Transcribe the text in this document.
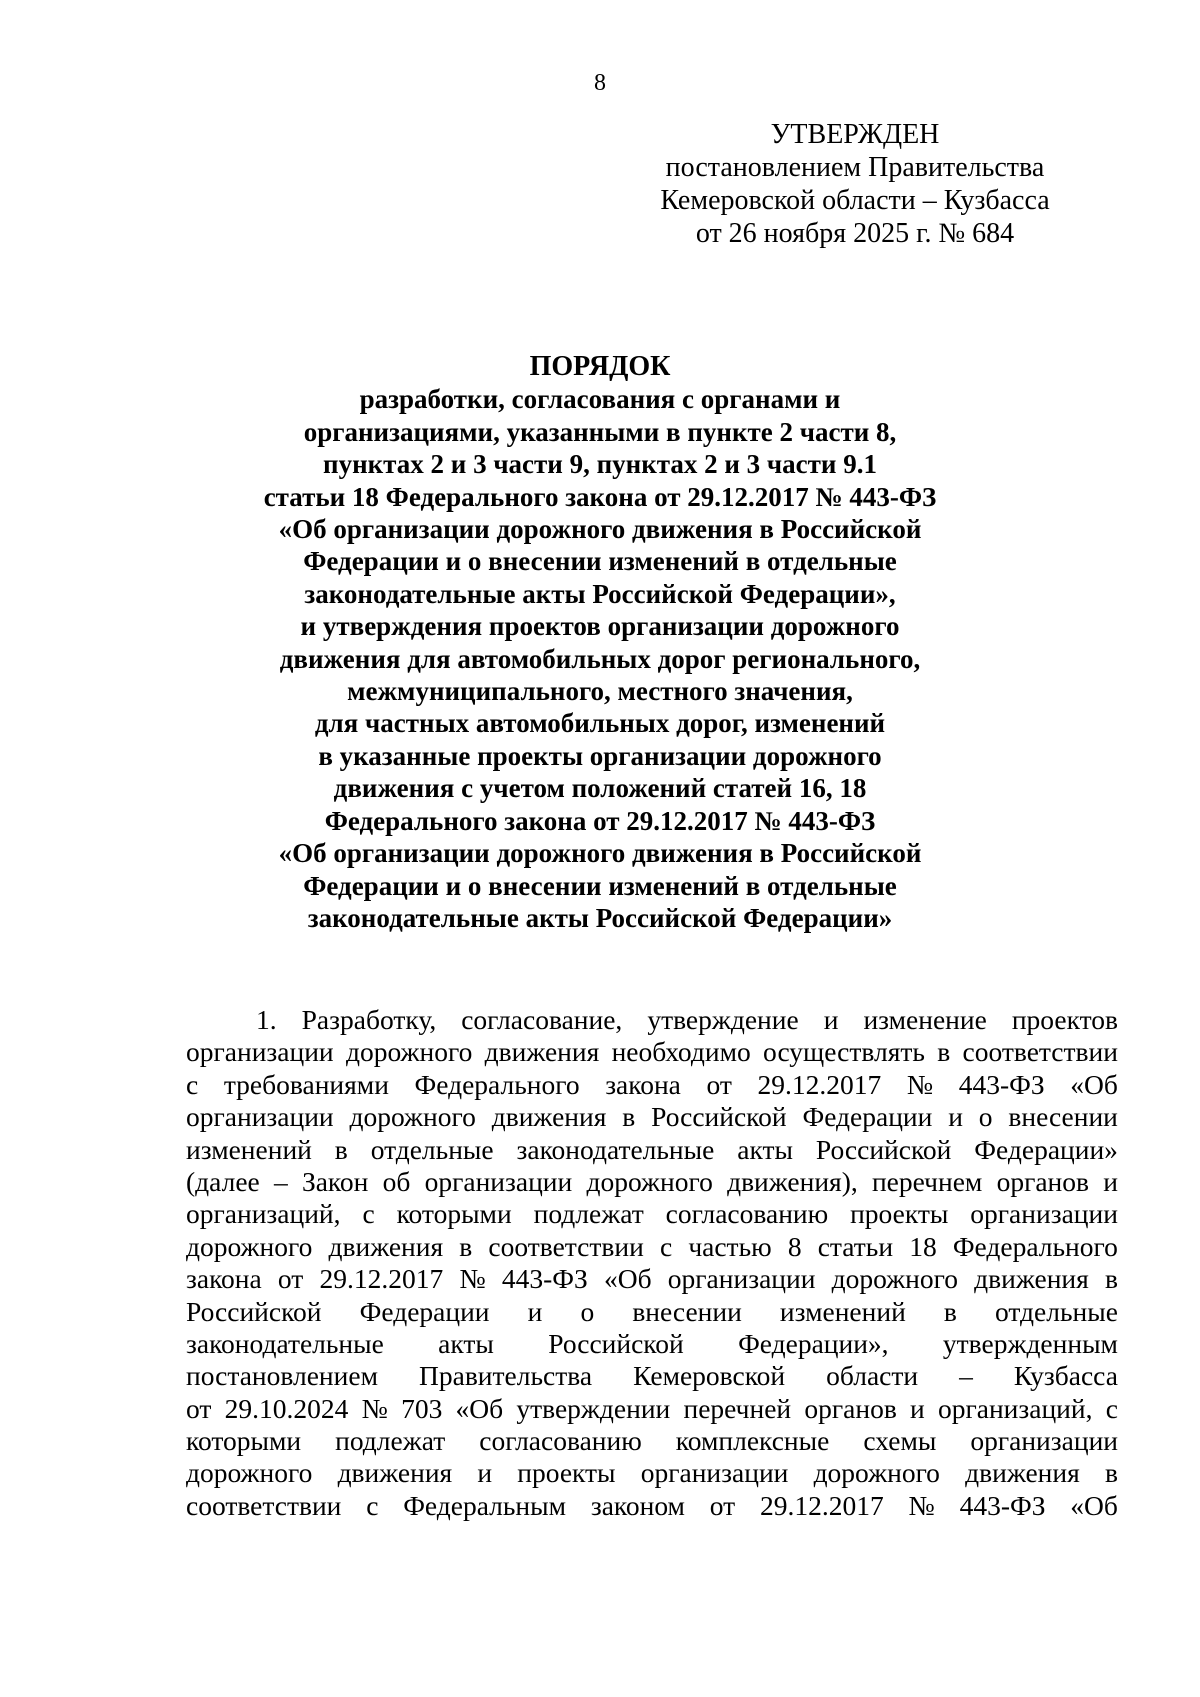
8
УТВЕРЖДЕН
постановлением Правительства
Кемеровской области – Кузбасса
от 26 ноября 2025 г. № 684
ПОРЯДОК
разработки, согласования с органами и
организациями, указанными в пункте 2 части 8,
пунктах 2 и 3 части 9, пунктах 2 и 3 части 9.1
статьи 18 Федерального закона от 29.12.2017 № 443-ФЗ
«Об организации дорожного движения в Российской
Федерации и о внесении изменений в отдельные
законодательные акты Российской Федерации»,
и утверждения проектов организации дорожного
движения для автомобильных дорог регионального,
межмуниципального, местного значения,
для частных автомобильных дорог, изменений
в указанные проекты организации дорожного
движения с учетом положений статей 16, 18
Федерального закона от 29.12.2017 № 443-ФЗ
«Об организации дорожного движения в Российской
Федерации и о внесении изменений в отдельные
законодательные акты Российской Федерации»
1. Разработку, согласование, утверждение и изменение проектов
организации дорожного движения необходимо осуществлять в соответствии
с требованиями Федерального закона от 29.12.2017 № 443-ФЗ «Об
организации дорожного движения в Российской Федерации и о внесении
изменений в отдельные законодательные акты Российской Федерации»
(далее – Закон об организации дорожного движения), перечнем органов и
организаций, с которыми подлежат согласованию проекты организации
дорожного движения в соответствии с частью 8 статьи 18 Федерального
закона от 29.12.2017 № 443-ФЗ «Об организации дорожного движения в
Российской Федерации и о внесении изменений в отдельные
законодательные акты Российской Федерации», утвержденным
постановлением Правительства Кемеровской области – Кузбасса
от 29.10.2024 № 703 «Об утверждении перечней органов и организаций, с
которыми подлежат согласованию комплексные схемы организации
дорожного движения и проекты организации дорожного движения в
соответствии с Федеральным законом от 29.12.2017 № 443-ФЗ «Об
